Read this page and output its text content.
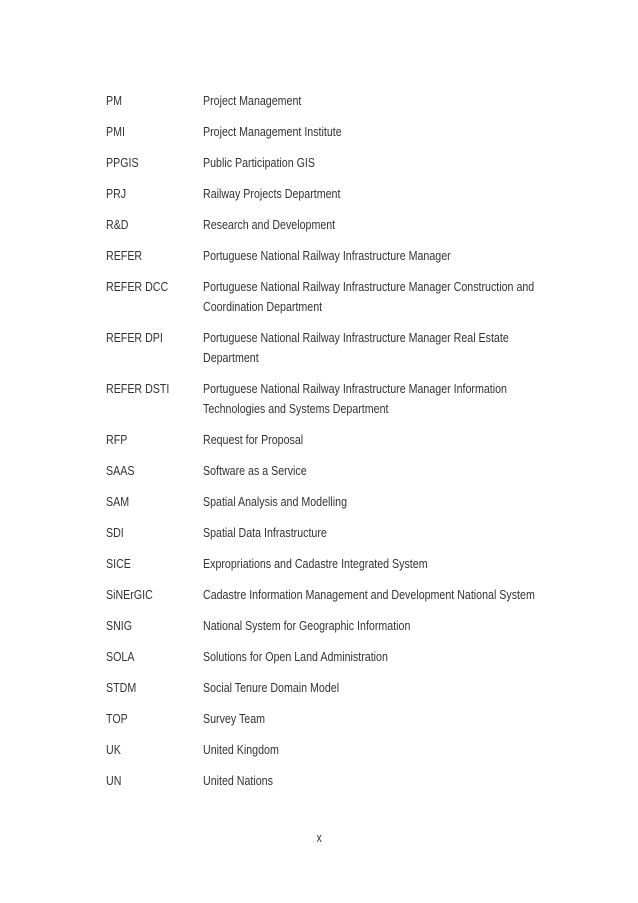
PM	Project Management
PMI	Project Management Institute
PPGIS	Public Participation GIS
PRJ	Railway Projects Department
R&D	Research and Development
REFER	Portuguese National Railway Infrastructure Manager
REFER DCC	Portuguese National Railway Infrastructure Manager Construction and
Coordination Department
REFER DPI	Portuguese National Railway Infrastructure Manager Real Estate
Department
REFER DSTI	Portuguese National Railway Infrastructure Manager Information
Technologies and Systems Department
RFP	Request for Proposal
SAAS	Software as a Service
SAM	Spatial Analysis and Modelling
SDI	Spatial Data Infrastructure
SICE	Expropriations and Cadastre Integrated System
SiNErGIC	Cadastre Information Management and Development National System
SNIG	National System for Geographic Information
SOLA	Solutions for Open Land Administration
STDM	Social Tenure Domain Model
TOP	Survey Team
UK	United Kingdom
UN	United Nations
x
